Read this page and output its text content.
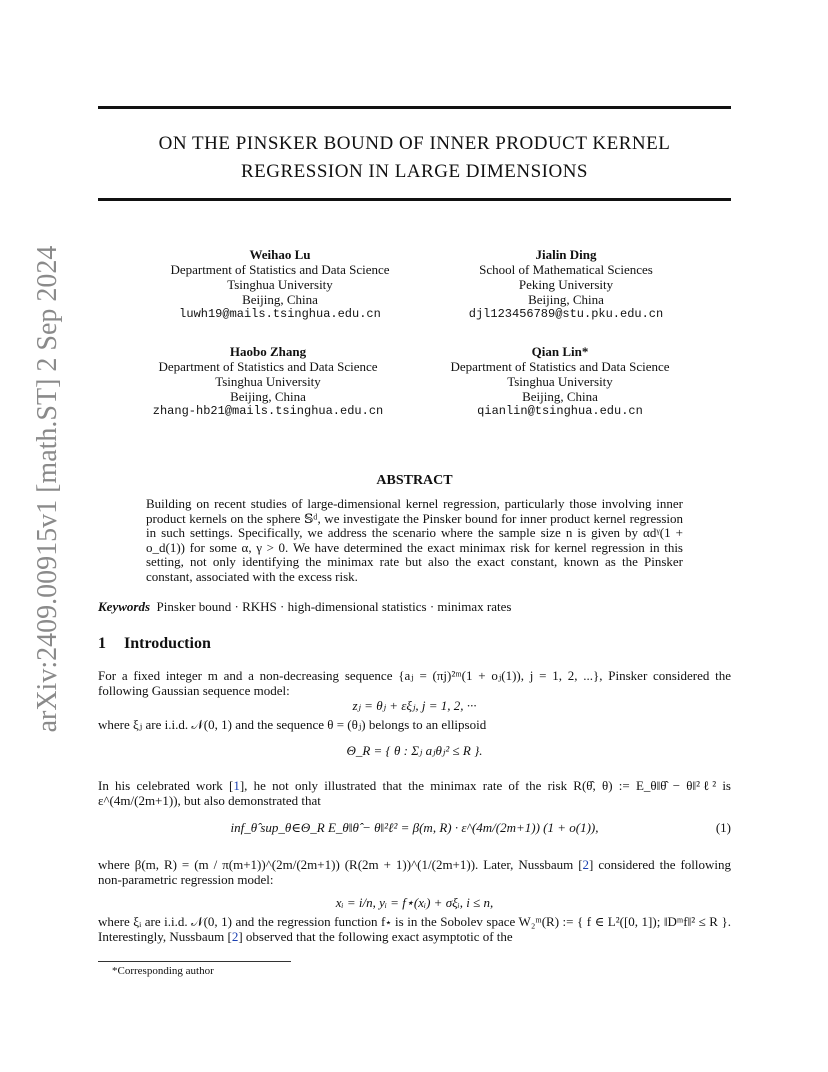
arXiv:2409.00915v1 [math.ST] 2 Sep 2024
ON THE PINSKER BOUND OF INNER PRODUCT KERNEL
REGRESSION IN LARGE DIMENSIONS
Weihao Lu
Department of Statistics and Data Science
Tsinghua University
Beijing, China
luwh19@mails.tsinghua.edu.cn
Jialin Ding
School of Mathematical Sciences
Peking University
Beijing, China
djl123456789@stu.pku.edu.cn
Haobo Zhang
Department of Statistics and Data Science
Tsinghua University
Beijing, China
zhang-hb21@mails.tsinghua.edu.cn
Qian Lin*
Department of Statistics and Data Science
Tsinghua University
Beijing, China
qianlin@tsinghua.edu.cn
ABSTRACT
Building on recent studies of large-dimensional kernel regression, particularly those involving inner product kernels on the sphere 𝕊ᵈ, we investigate the Pinsker bound for inner product kernel regression in such settings. Specifically, we address the scenario where the sample size n is given by αdᵞ(1 + o_d(1)) for some α, γ > 0. We have determined the exact minimax risk for kernel regression in this setting, not only identifying the minimax rate but also the exact constant, known as the Pinsker constant, associated with the excess risk.
Keywords Pinsker bound · RKHS · high-dimensional statistics · minimax rates
1 Introduction
For a fixed integer m and a non-decreasing sequence {aⱼ = (πj)²ᵐ(1 + oⱼ(1)), j = 1, 2, ...}, Pinsker considered the following Gaussian sequence model:
zⱼ = θⱼ + εξⱼ, j = 1, 2, ···
where ξⱼ are i.i.d. 𝒩(0, 1) and the sequence θ = (θⱼ) belongs to an ellipsoid
Θ_R = { θ : Σⱼ aⱼθⱼ² ≤ R }.
In his celebrated work [1], he not only illustrated that the minimax rate of the risk R(θ̂, θ) := E_θ‖θ̂ − θ‖²ℓ² is ε^(4m/(2m+1)), but also demonstrated that
inf_θ̂ sup_θ∈Θ_R E_θ‖θ̂ − θ‖²ℓ² = β(m, R) · ε^(4m/(2m+1)) (1 + o(1)),	(1)
where β(m, R) = (m / π(m+1))^(2m/(2m+1)) (R(2m + 1))^(1/(2m+1)). Later, Nussbaum [2] considered the following non-parametric regression model:
xᵢ = i/n, yᵢ = f⋆(xᵢ) + σξᵢ, i ≤ n,
where ξᵢ are i.i.d. 𝒩(0, 1) and the regression function f⋆ is in the Sobolev space W₂ᵐ(R) := { f ∈ L²([0, 1]); ‖Dᵐf‖² ≤ R }. Interestingly, Nussbaum [2] observed that the following exact asymptotic of the
*Corresponding author
